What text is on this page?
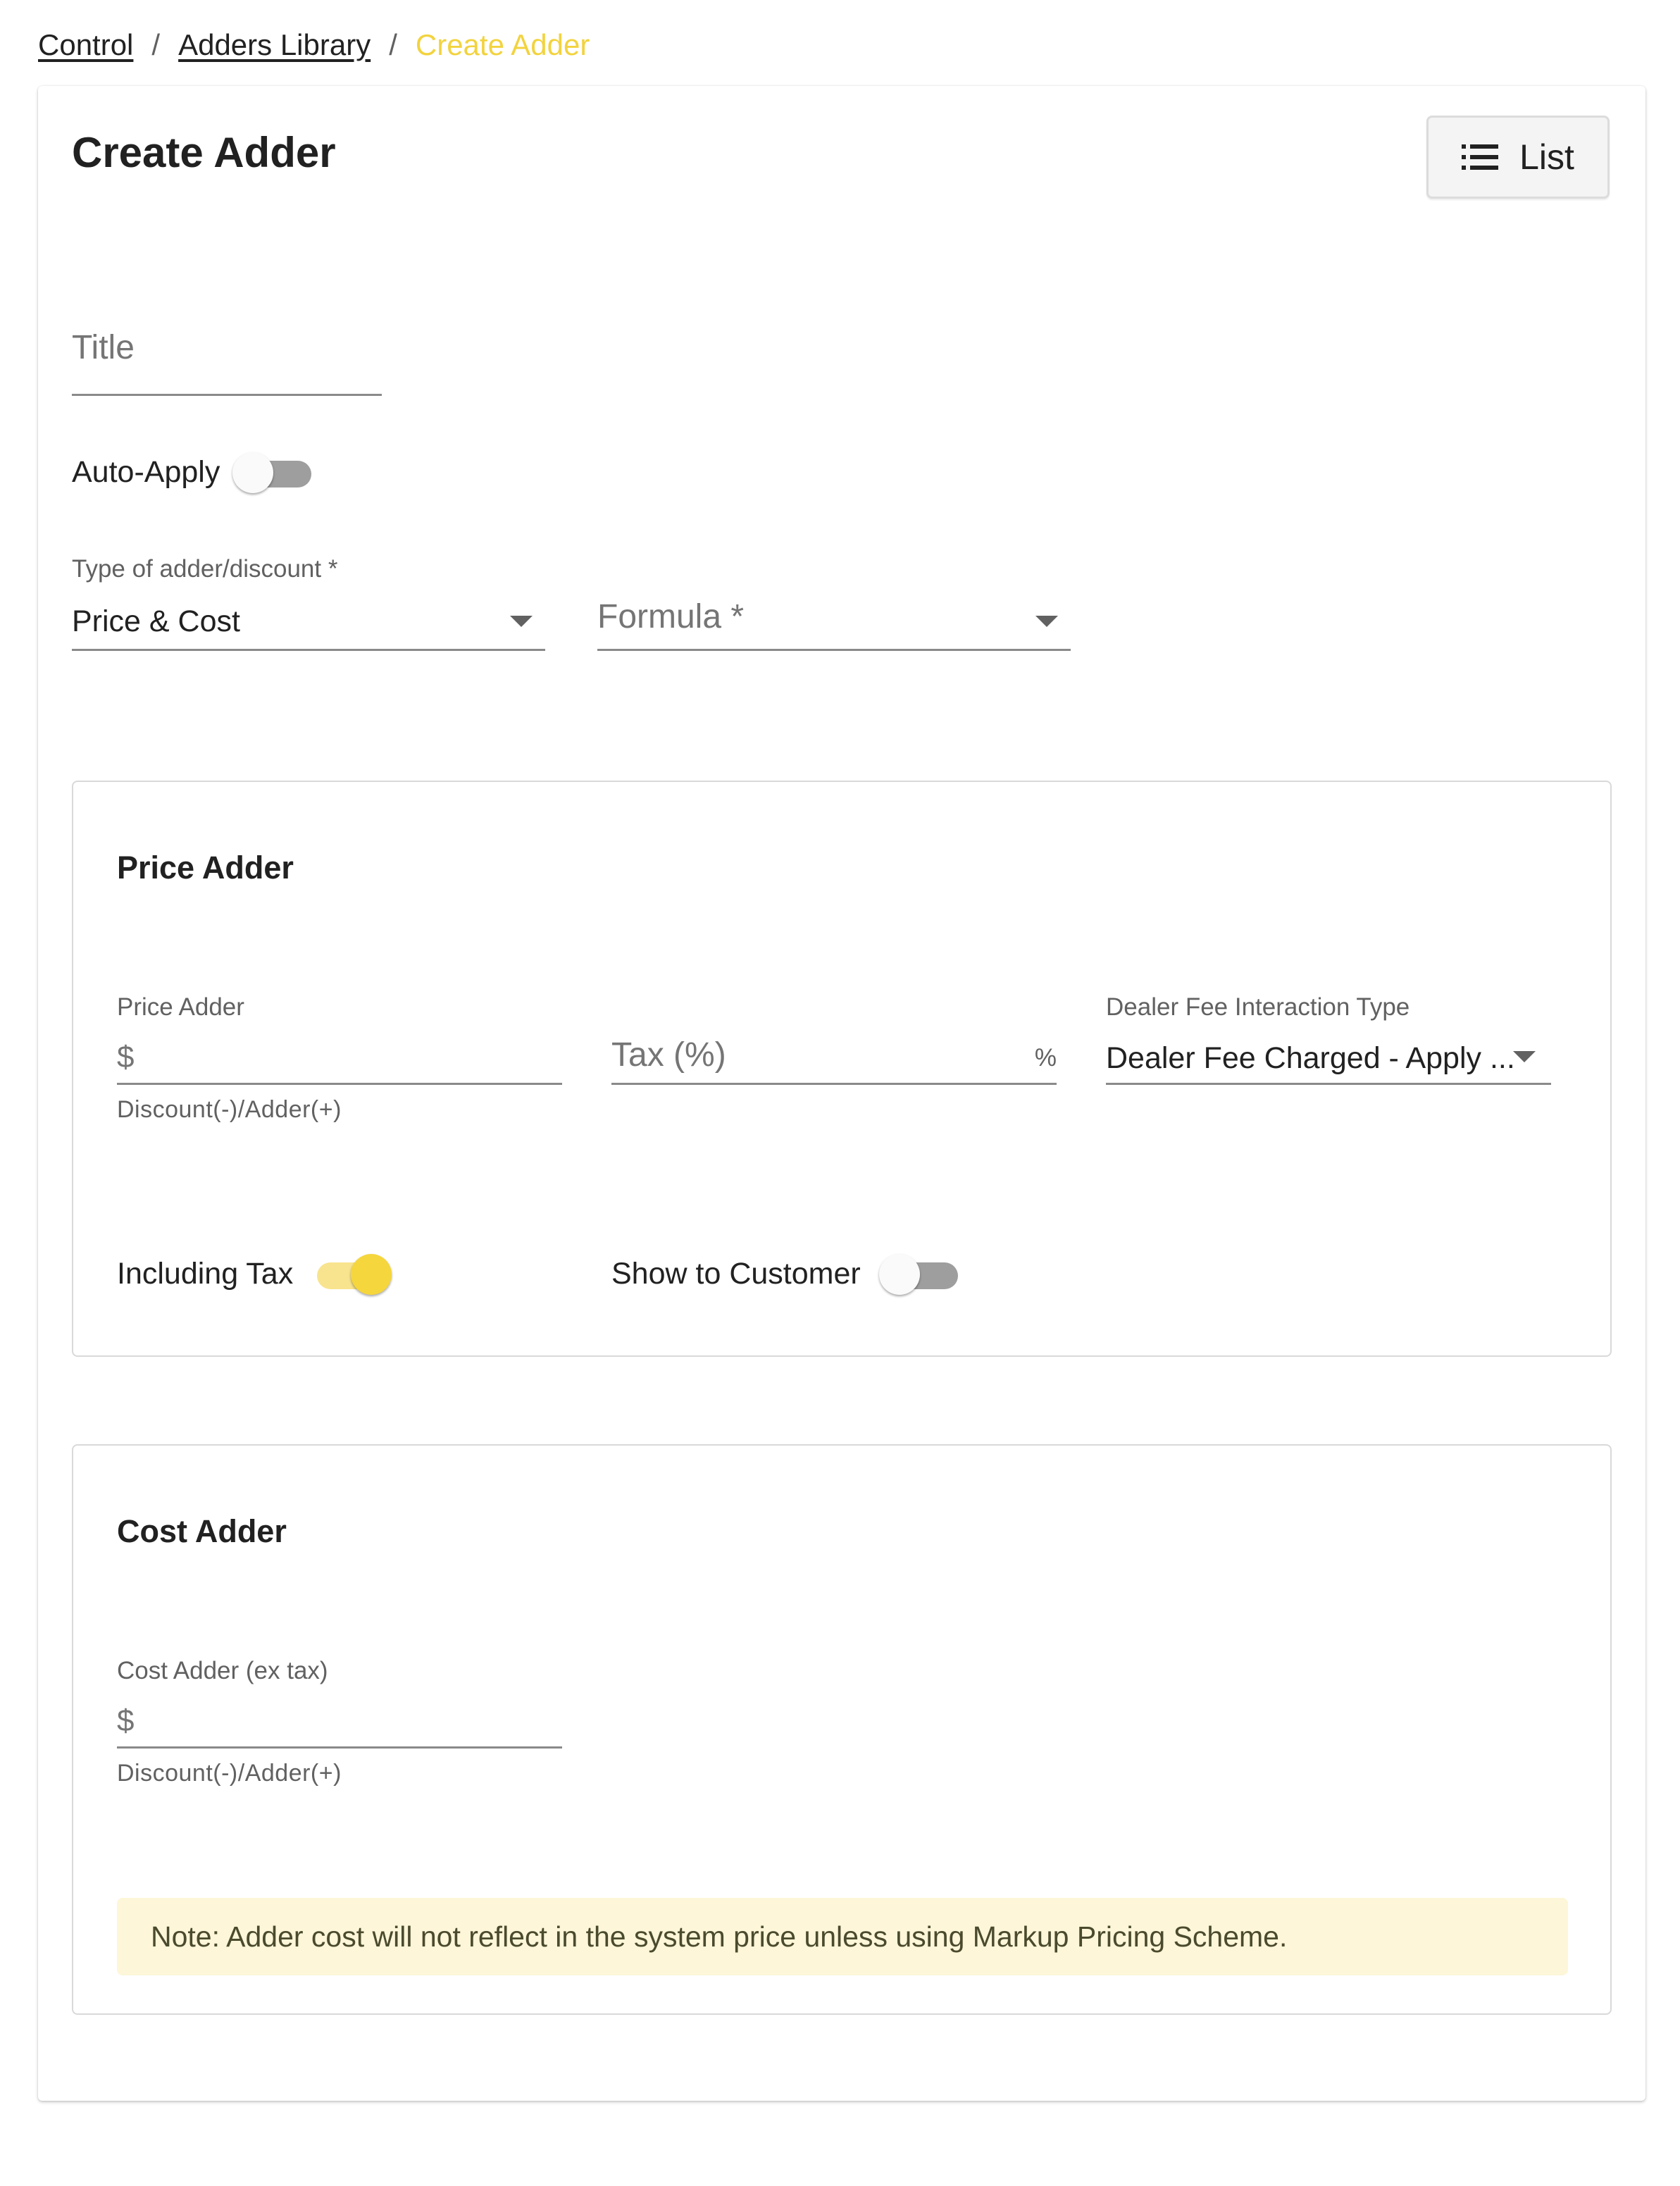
Control / Adders Library / Create Adder
Create Adder	List
Title
Auto-Apply
Type of adder/discount *
Price & Cost	Formula *
Price Adder
Price Adder
$
Discount(-)/Adder(+)
Tax (%)	%
Dealer Fee Interaction Type
Dealer Fee Charged - Apply ...
Including Tax	Show to Customer
Cost Adder
Cost Adder (ex tax)
$
Discount(-)/Adder(+)
Note: Adder cost will not reflect in the system price unless using Markup Pricing Scheme.
